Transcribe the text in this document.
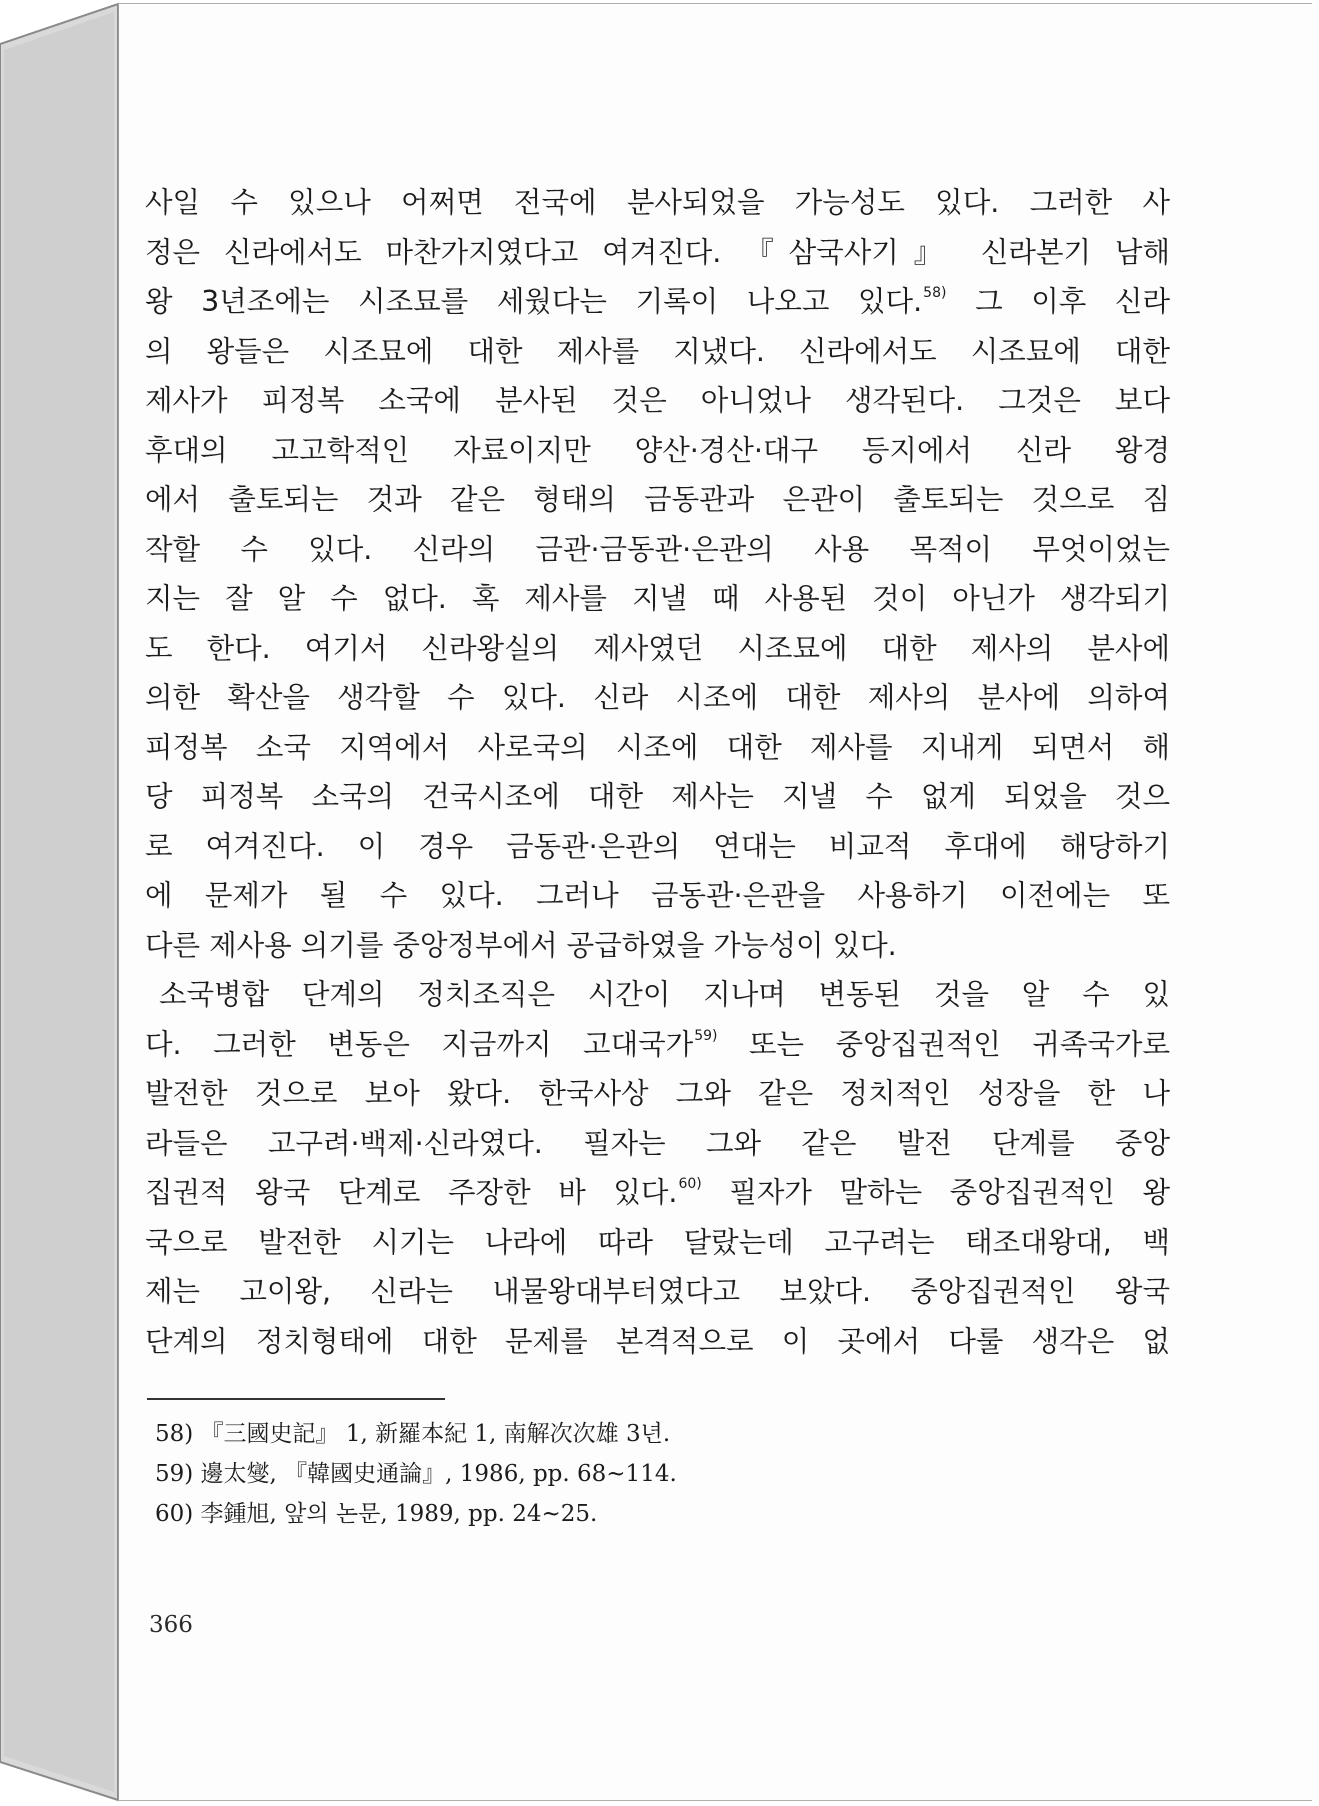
사일 수 있으나 어쩌면 전국에 분사되었을 가능성도 있다. 그러한 사
정은 신라에서도 마찬가지였다고 여겨진다. 『삼국사기』 신라본기 남해
왕 3년조에는 시조묘를 세웠다는 기록이 나오고 있다.$^{58)}$ 그 이후 신라
의 왕들은 시조묘에 대한 제사를 지냈다. 신라에서도 시조묘에 대한
제사가 피정복 소국에 분사된 것은 아니었나 생각된다. 그것은 보다
후대의 고고학적인 자료이지만 양산·경산·대구 등지에서 신라 왕경
에서 출토되는 것과 같은 형태의 금동관과 은관이 출토되는 것으로 짐
작할 수 있다. 신라의 금관·금동관·은관의 사용 목적이 무엇이었는
지는 잘 알 수 없다. 혹 제사를 지낼 때 사용된 것이 아닌가 생각되기
도 한다. 여기서 신라왕실의 제사였던 시조묘에 대한 제사의 분사에
의한 확산을 생각할 수 있다. 신라 시조에 대한 제사의 분사에 의하여
피정복 소국 지역에서 사로국의 시조에 대한 제사를 지내게 되면서 해
당 피정복 소국의 건국시조에 대한 제사는 지낼 수 없게 되었을 것으
로 여겨진다. 이 경우 금동관·은관의 연대는 비교적 후대에 해당하기
에 문제가 될 수 있다. 그러나 금동관·은관을 사용하기 이전에는 또
다른 제사용 의기를 중앙정부에서 공급하였을 가능성이 있다.
소국병합 단계의 정치조직은 시간이 지나며 변동된 것을 알 수 있
다. 그러한 변동은 지금까지 고대국가$^{59)}$ 또는 중앙집권적인 귀족국가로
발전한 것으로 보아 왔다. 한국사상 그와 같은 정치적인 성장을 한 나
라들은 고구려·백제·신라였다. 필자는 그와 같은 발전 단계를 중앙
집권적 왕국 단계로 주장한 바 있다.$^{60)}$ 필자가 말하는 중앙집권적인 왕
국으로 발전한 시기는 나라에 따라 달랐는데 고구려는 태조대왕대, 백
제는 고이왕, 신라는 내물왕대부터였다고 보았다. 중앙집권적인 왕국
단계의 정치형태에 대한 문제를 본격적으로 이 곳에서 다룰 생각은 없
58) 『三國史記』 1, 新羅本紀 1, 南解次次雄 3년.
59) 邊太燮, 『韓國史通論』, 1986, pp. 68~114.
60) 李鍾旭, 앞의 논문, 1989, pp. 24~25.
366
